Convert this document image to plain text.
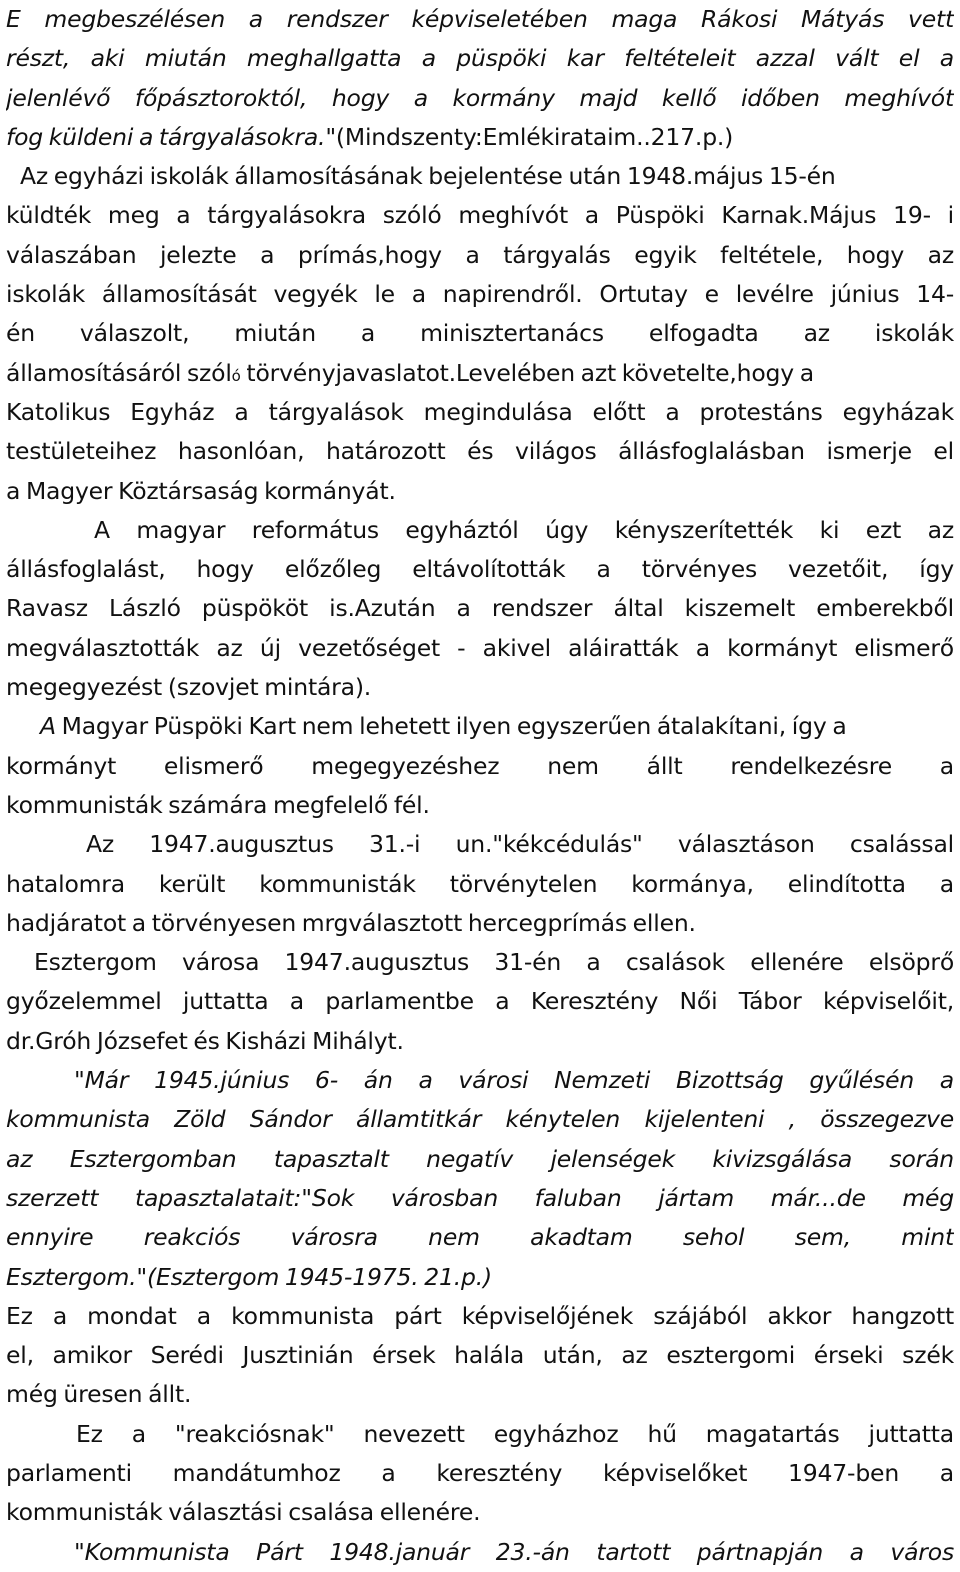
E megbeszélésen a rendszer képviseletében maga Rákosi Mátyás vett
részt, aki miután meghallgatta a püspöki kar feltételeit azzal vált el a
jelenlévő főpásztoroktól, hogy a kormány majd kellő időben meghívót
fog küldeni a tárgyalásokra."(Mindszenty:Emlékirataim..217.p.)
Az egyházi iskolák államosításának bejelentése után 1948.május 15-én
küldték meg a tárgyalásokra szóló meghívót a Püspöki Karnak.Május 19- i
válaszában jelezte a prímás,hogy a tárgyalás egyik feltétele, hogy az
iskolák államosítását vegyék le a napirendről. Ortutay e levélre június 14-
én válaszolt, miután a minisztertanács elfogadta az iskolák
államosításáról szóló törvényjavaslatot.Levelében azt követelte,hogy a
Katolikus Egyház a tárgyalások megindulása előtt a protestáns egyházak
testületeihez hasonlóan, határozott és világos állásfoglalásban ismerje el
a Magyer Köztársaság kormányát.
A magyar református egyháztól úgy kényszerítették ki ezt az
állásfoglalást, hogy előzőleg eltávolították a törvényes vezetőit, így
Ravasz László püspököt is.Azután a rendszer által kiszemelt emberekből
megválasztották az új vezetőséget - akivel aláiratták a kormányt elismerő
megegyezést (szovjet mintára).
A Magyar Püspöki Kart nem lehetett ilyen egyszerűen átalakítani, így a
kormányt elismerő megegyezéshez nem állt rendelkezésre a
kommunisták számára megfelelő fél.
Az 1947.augusztus 31.-i un."kékcédulás" választáson csalással
hatalomra került kommunisták törvénytelen kormánya, elindította a
hadjáratot a törvényesen mrgválasztott hercegprímás ellen.
Esztergom városa 1947.augusztus 31-én a csalások ellenére elsöprő
győzelemmel juttatta a parlamentbe a Keresztény Női Tábor képviselőit,
dr.Gróh Józsefet és Kisházi Mihályt.
"Már 1945.június 6- án a városi Nemzeti Bizottság gyűlésén a
kommunista Zöld Sándor államtitkár kénytelen kijelenteni , összegezve
az Esztergomban tapasztalt negatív jelenségek kivizsgálása során
szerzett tapasztalatait:"Sok városban faluban jártam már...de még
ennyire reakciós városra nem akadtam sehol sem, mint
Esztergom."(Esztergom 1945-1975. 21.p.)
Ez a mondat a kommunista párt képviselőjének szájából akkor hangzott
el, amikor Serédi Jusztinián érsek halála után, az esztergomi érseki szék
még üresen állt.
Ez a "reakciósnak" nevezett egyházhoz hű magatartás juttatta
parlamenti mandátumhoz a keresztény képviselőket 1947-ben a
kommunisták választási csalása ellenére.
"Kommunista Párt 1948.január 23.-án tartott pártnapján a város
